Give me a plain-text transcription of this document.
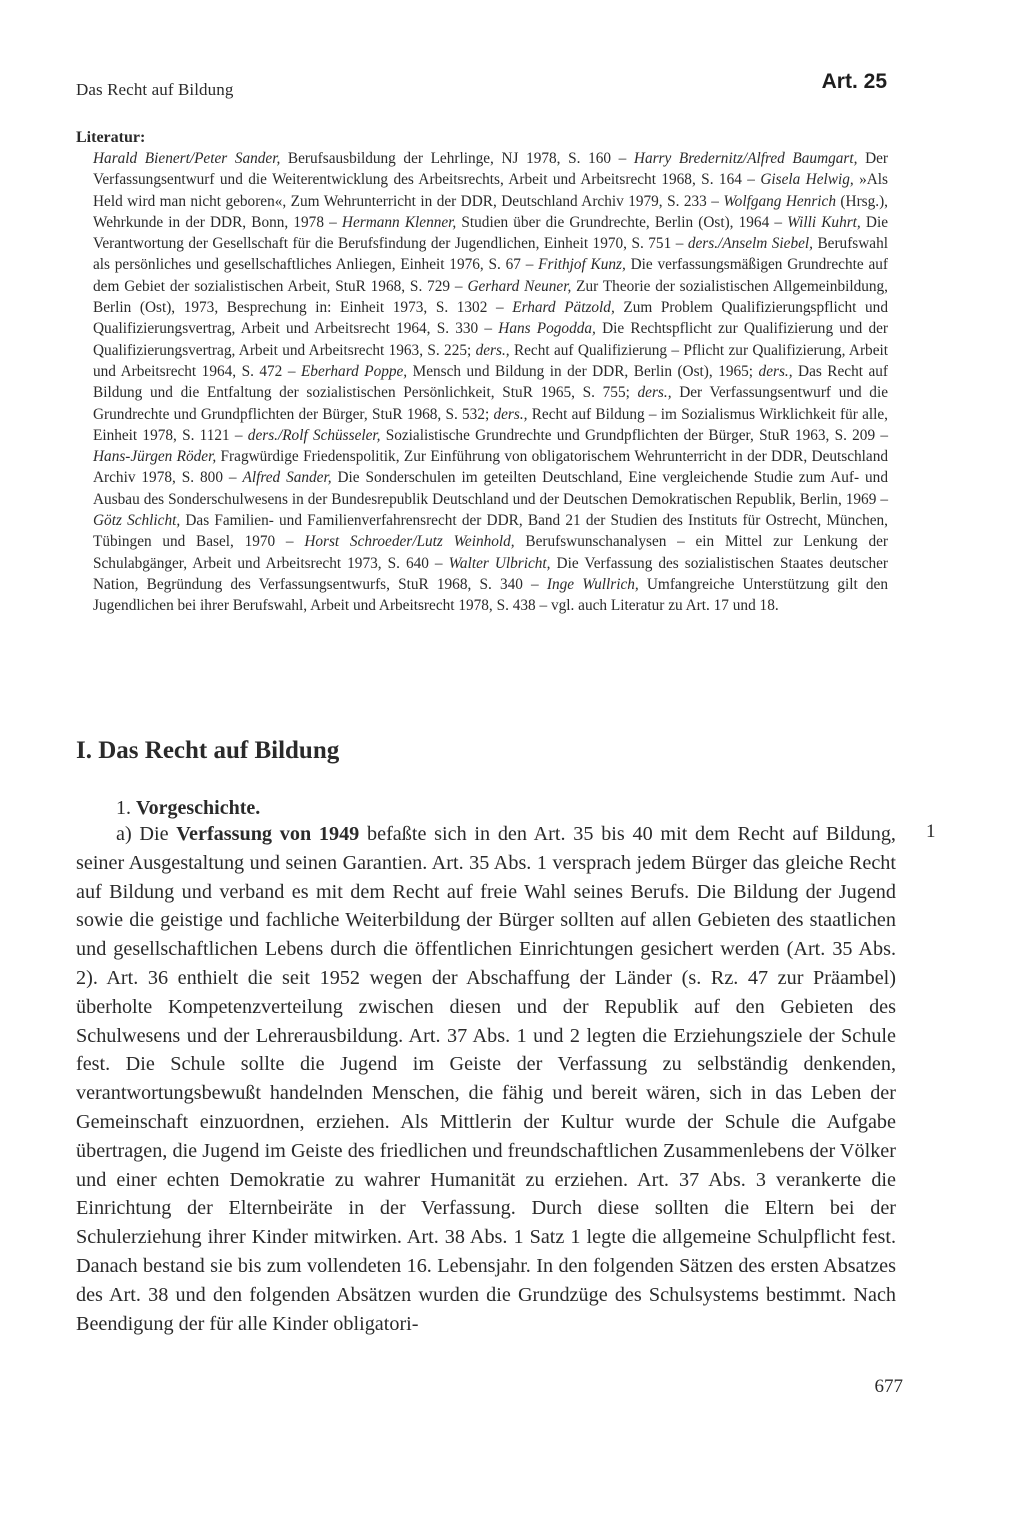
Das Recht auf Bildung	Art. 25
Literatur:

Harald Bienert/Peter Sander, Berufsausbildung der Lehrlinge, NJ 1978, S. 160 – Harry Bredernitz/Alfred Baumgart, Der Verfassungsentwurf und die Weiterentwicklung des Arbeitsrechts, Arbeit und Arbeitsrecht 1968, S. 164 – Gisela Helwig, »Als Held wird man nicht geboren«, Zum Wehrunterricht in der DDR, Deutschland Archiv 1979, S. 233 – Wolfgang Henrich (Hrsg.), Wehrkunde in der DDR, Bonn, 1978 – Hermann Klenner, Studien über die Grundrechte, Berlin (Ost), 1964 – Willi Kuhrt, Die Verantwortung der Gesellschaft für die Berufsfindung der Jugendlichen, Einheit 1970, S. 751 – ders./Anselm Siebel, Berufswahl als persönliches und gesellschaftliches Anliegen, Einheit 1976, S. 67 – Frithjof Kunz, Die verfassungsmäßigen Grundrechte auf dem Gebiet der sozialistischen Arbeit, StuR 1968, S. 729 – Gerhard Neuner, Zur Theorie der sozialistischen Allgemeinbildung, Berlin (Ost), 1973, Besprechung in: Einheit 1973, S. 1302 – Erhard Pätzold, Zum Problem Qualifizierungspflicht und Qualifizierungsvertrag, Arbeit und Arbeitsrecht 1964, S. 330 – Hans Pogodda, Die Rechtspflicht zur Qualifizierung und der Qualifizierungsvertrag, Arbeit und Arbeitsrecht 1963, S. 225; ders., Recht auf Qualifizierung – Pflicht zur Qualifizierung, Arbeit und Arbeitsrecht 1964, S. 472 – Eberhard Poppe, Mensch und Bildung in der DDR, Berlin (Ost), 1965; ders., Das Recht auf Bildung und die Entfaltung der sozialistischen Persönlichkeit, StuR 1965, S. 755; ders., Der Verfassungsentwurf und die Grundrechte und Grundpflichten der Bürger, StuR 1968, S. 532; ders., Recht auf Bildung – im Sozialismus Wirklichkeit für alle, Einheit 1978, S. 1121 – ders./Rolf Schüsseler, Sozialistische Grundrechte und Grundpflichten der Bürger, StuR 1963, S. 209 – Hans-Jürgen Röder, Fragwürdige Friedenspolitik, Zur Einführung von obligatorischem Wehrunterricht in der DDR, Deutschland Archiv 1978, S. 800 – Alfred Sander, Die Sonderschulen im geteilten Deutschland, Eine vergleichende Studie zum Auf- und Ausbau des Sonderschulwesens in der Bundesrepublik Deutschland und der Deutschen Demokratischen Republik, Berlin, 1969 – Götz Schlicht, Das Familien- und Familienverfahrensrecht der DDR, Band 21 der Studien des Instituts für Ostrecht, München, Tübingen und Basel, 1970 – Horst Schroeder/Lutz Weinhold, Berufswunschanalysen – ein Mittel zur Lenkung der Schulabgänger, Arbeit und Arbeitsrecht 1973, S. 640 – Walter Ulbricht, Die Verfassung des sozialistischen Staates deutscher Nation, Begründung des Verfassungsentwurfs, StuR 1968, S. 340 – Inge Wullrich, Umfangreiche Unterstützung gilt den Jugendlichen bei ihrer Berufswahl, Arbeit und Arbeitsrecht 1978, S. 438 – vgl. auch Literatur zu Art. 17 und 18.

I. Das Recht auf Bildung
1. Vorgeschichte.
1

a) Die Verfassung von 1949 befaßte sich in den Art. 35 bis 40 mit dem Recht auf Bildung, seiner Ausgestaltung und seinen Garantien. Art. 35 Abs. 1 versprach jedem Bürger das gleiche Recht auf Bildung und verband es mit dem Recht auf freie Wahl seines Berufs. Die Bildung der Jugend sowie die geistige und fachliche Weiterbildung der Bürger sollten auf allen Gebieten des staatlichen und gesellschaftlichen Lebens durch die öffentlichen Einrichtungen gesichert werden (Art. 35 Abs. 2). Art. 36 enthielt die seit 1952 wegen der Abschaffung der Länder (s. Rz. 47 zur Präambel) überholte Kompetenzverteilung zwischen diesen und der Republik auf den Gebieten des Schulwesens und der Lehrerausbildung. Art. 37 Abs. 1 und 2 legten die Erziehungsziele der Schule fest. Die Schule sollte die Jugend im Geiste der Verfassung zu selbständig denkenden, verantwortungsbewußt handelnden Menschen, die fähig und bereit wären, sich in das Leben der Gemeinschaft einzuordnen, erziehen. Als Mittlerin der Kultur wurde der Schule die Aufgabe übertragen, die Jugend im Geiste des friedlichen und freundschaftlichen Zusammenlebens der Völker und einer echten Demokratie zu wahrer Humanität zu erziehen. Art. 37 Abs. 3 verankerte die Einrichtung der Elternbeiräte in der Verfassung. Durch diese sollten die Eltern bei der Schulerziehung ihrer Kinder mitwirken. Art. 38 Abs. 1 Satz 1 legte die allgemeine Schulpflicht fest. Danach bestand sie bis zum vollendeten 16. Lebensjahr. In den folgenden Sätzen des ersten Absatzes des Art. 38 und den folgenden Absätzen wurden die Grundzüge des Schulsystems bestimmt. Nach Beendigung der für alle Kinder obligatori-

677
